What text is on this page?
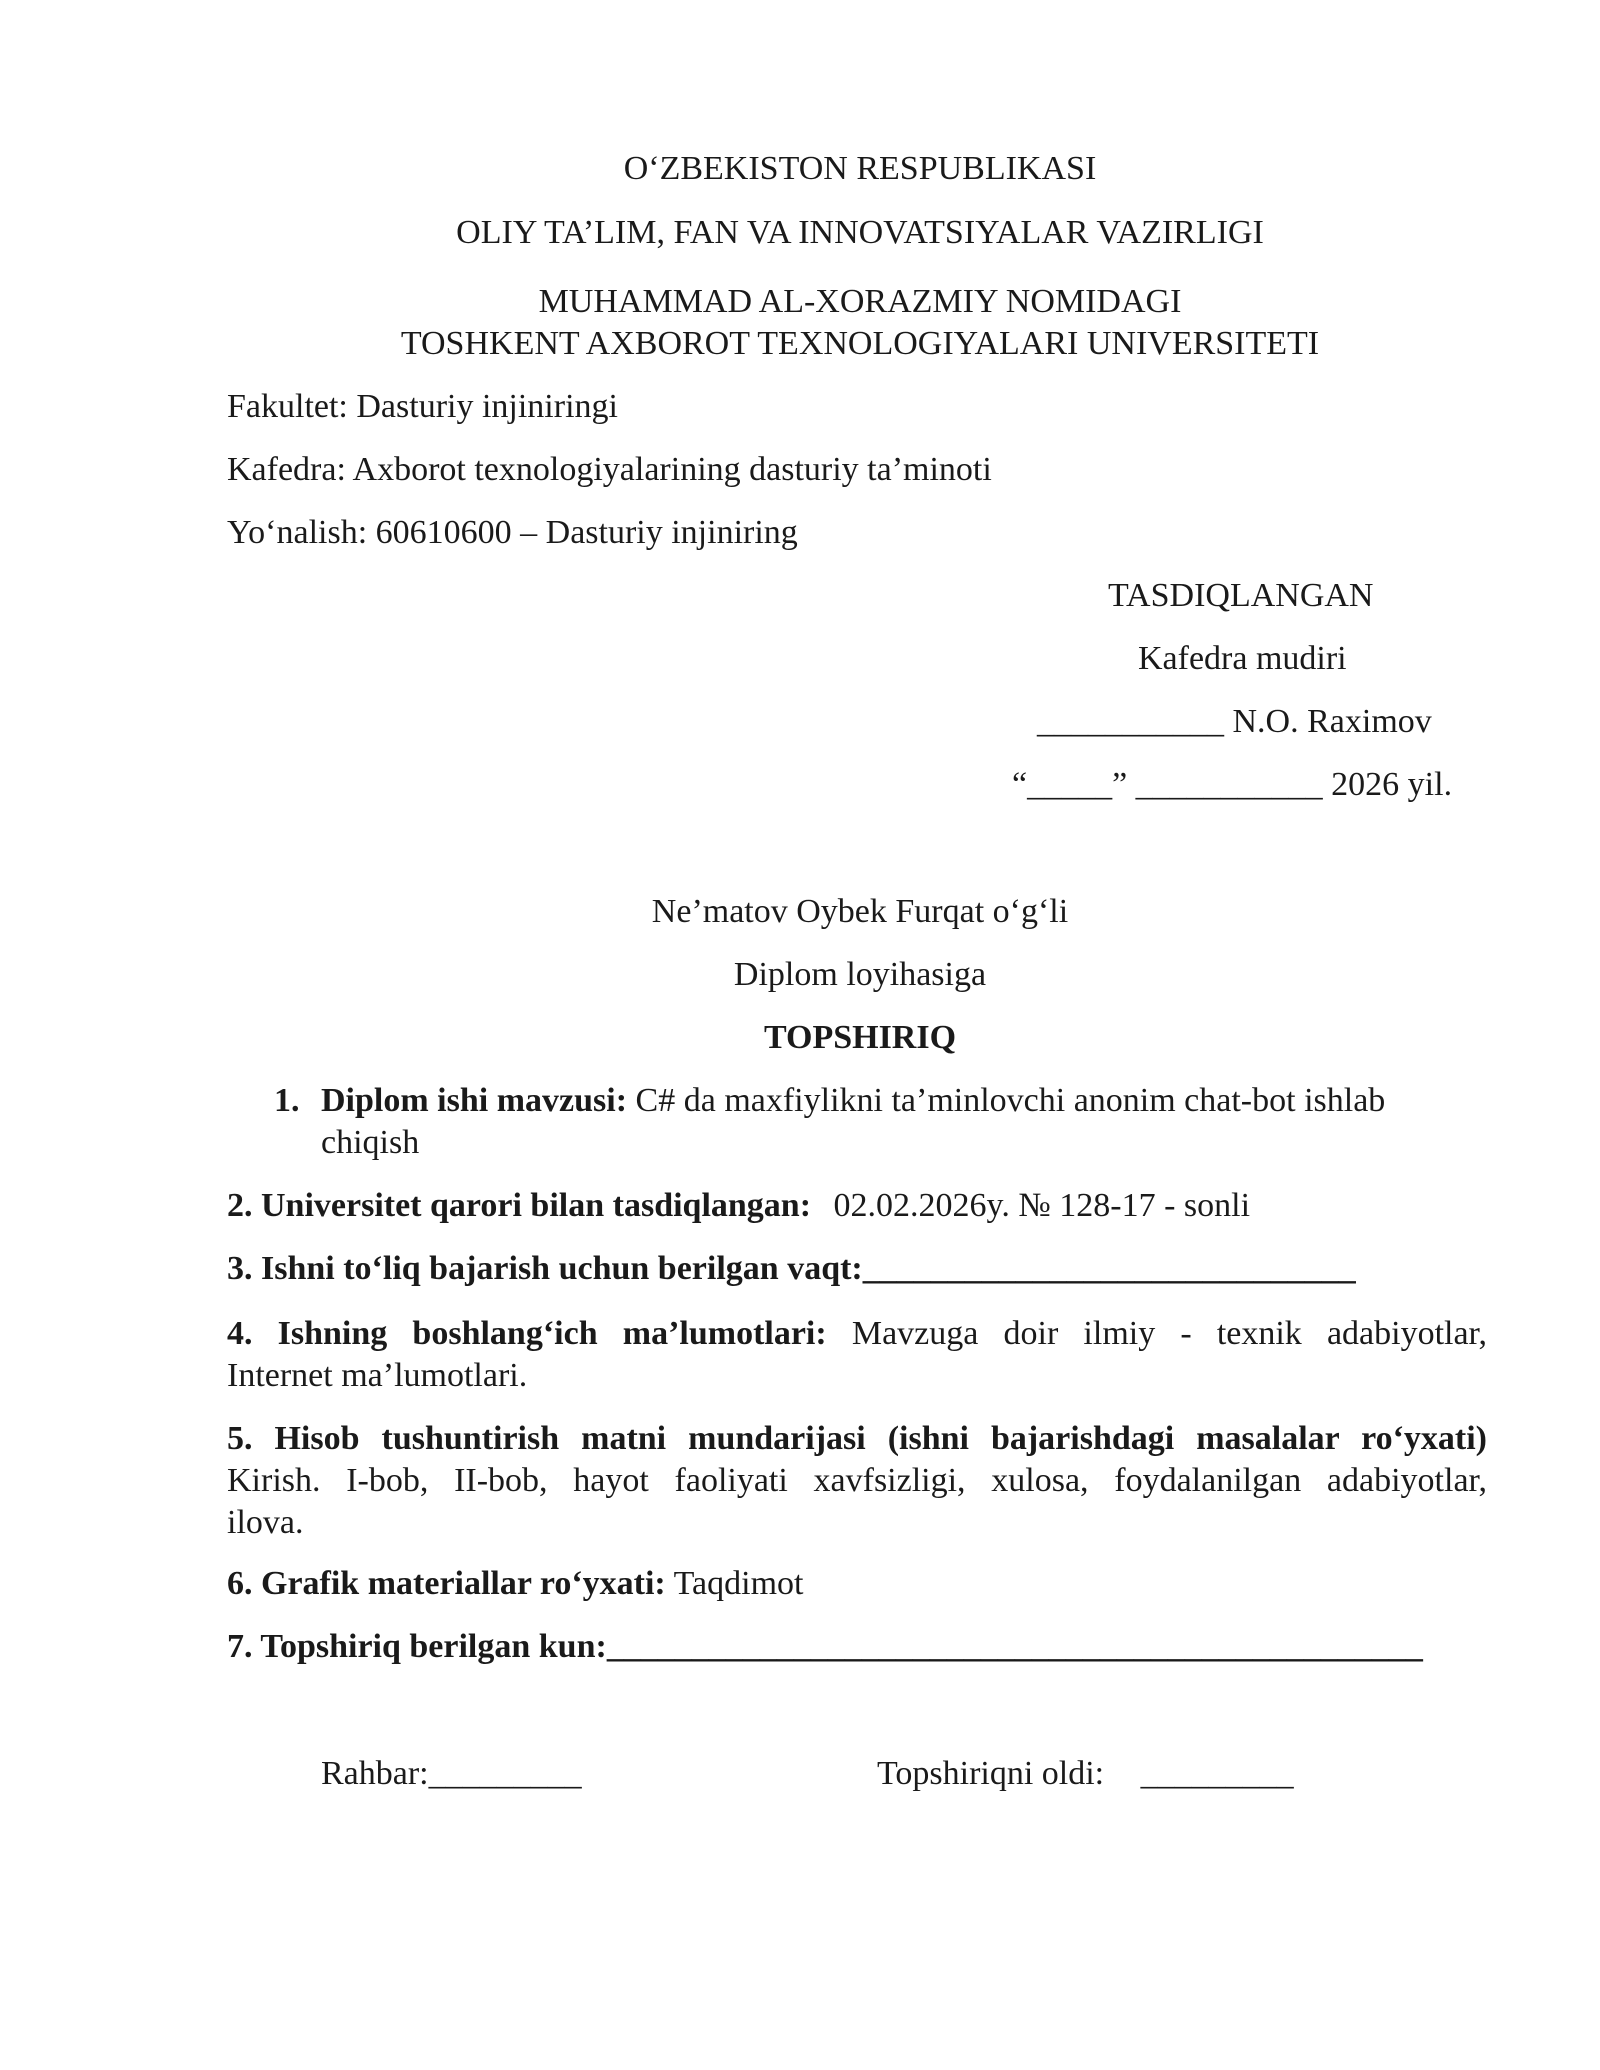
O‘ZBEKISTON RESPUBLIKASI
OLIY TA’LIM, FAN VA INNOVATSIYALAR VAZIRLIGI
MUHAMMAD AL-XORAZMIY NOMIDAGI
TOSHKENT AXBOROT TEXNOLOGIYALARI UNIVERSITETI
Fakultet: Dasturiy injiniringi
Kafedra: Axborot texnologiyalarining dasturiy ta’minoti
Yo‘nalish: 60610600 – Dasturiy injiniring
TASDIQLANGAN
Kafedra mudiri
___________ N.O. Raximov
“_____” ___________ 2026 yil.
Ne’matov Oybek Furqat o‘g‘li
Diplom loyihasiga
TOPSHIRIQ
1. Diplom ishi mavzusi: C# da maxfiylikni ta’minlovchi anonim chat-bot ishlab
chiqish
2. Universitet qarori bilan tasdiqlangan: 02.02.2026y. № 128-17 - sonli
3. Ishni to‘liq bajarish uchun berilgan vaqt:_____________________________
4. Ishning boshlang‘ich ma’lumotlari: Mavzuga doir ilmiy - texnik adabiyotlar,
Internet ma’lumotlari.
5. Hisob tushuntirish matni mundarijasi (ishni bajarishdagi masalalar ro‘yxati)
Kirish. I-bob, II-bob, hayot faoliyati xavfsizligi, xulosa, foydalanilgan adabiyotlar,
ilova.
6. Grafik materiallar ro‘yxati: Taqdimot
7. Topshiriq berilgan kun:________________________________________________
Rahbar:_________	Topshiriqni oldi: _________
